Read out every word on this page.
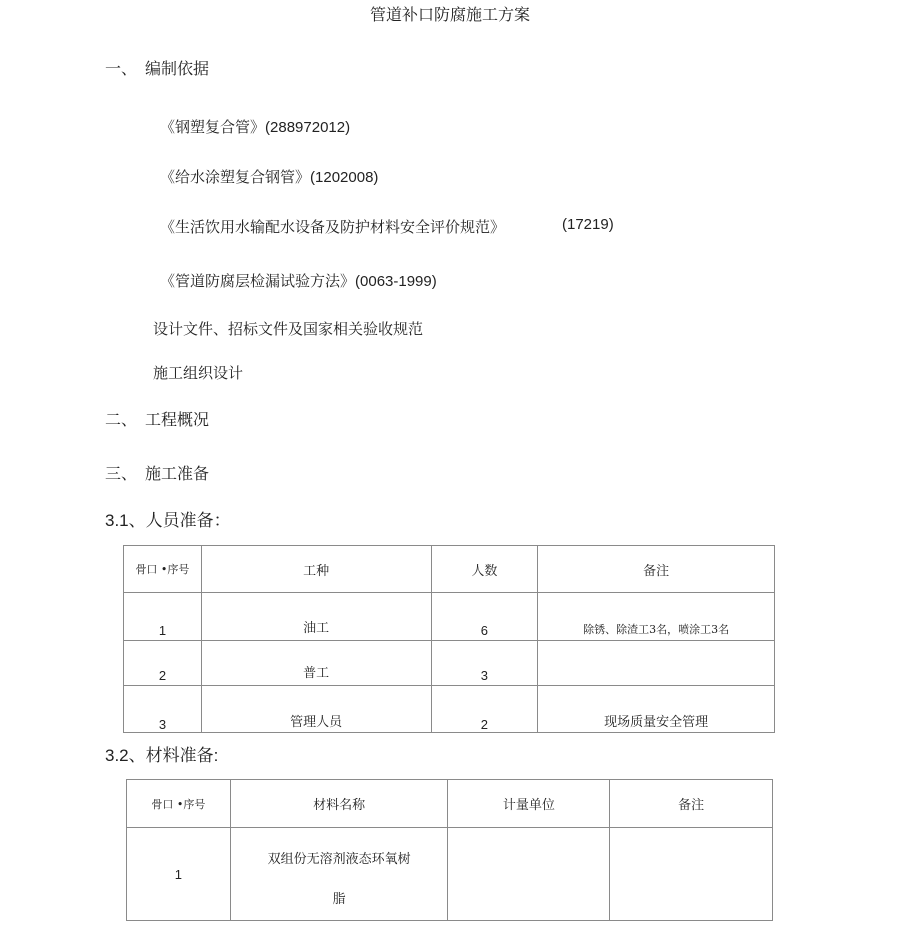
管道补口防腐施工方案
一、 编制依据
《钢塑复合管》(288972012)
《给水涂塑复合钢管》(1202008)
《生活饮用水输配水设备及防护材料安全评价规范》	(17219)
《管道防腐层检漏试验方法》(0063-1999)
设计文件、招标文件及国家相关验收规范
施工组织设计
二、 工程概况
三、 施工准备
3.1、人员准备：
骨口 •序号	工种	人数	备注
1	油工	6	除锈、除渣工3名，喷涂工3名
2	普工	3	
3	管理人员	2	现场质量安全管理
3.2、材料准备:
骨口 •序号	材料名称	计量单位	备注
1	双组份无溶剂液态环氧树
脂		
